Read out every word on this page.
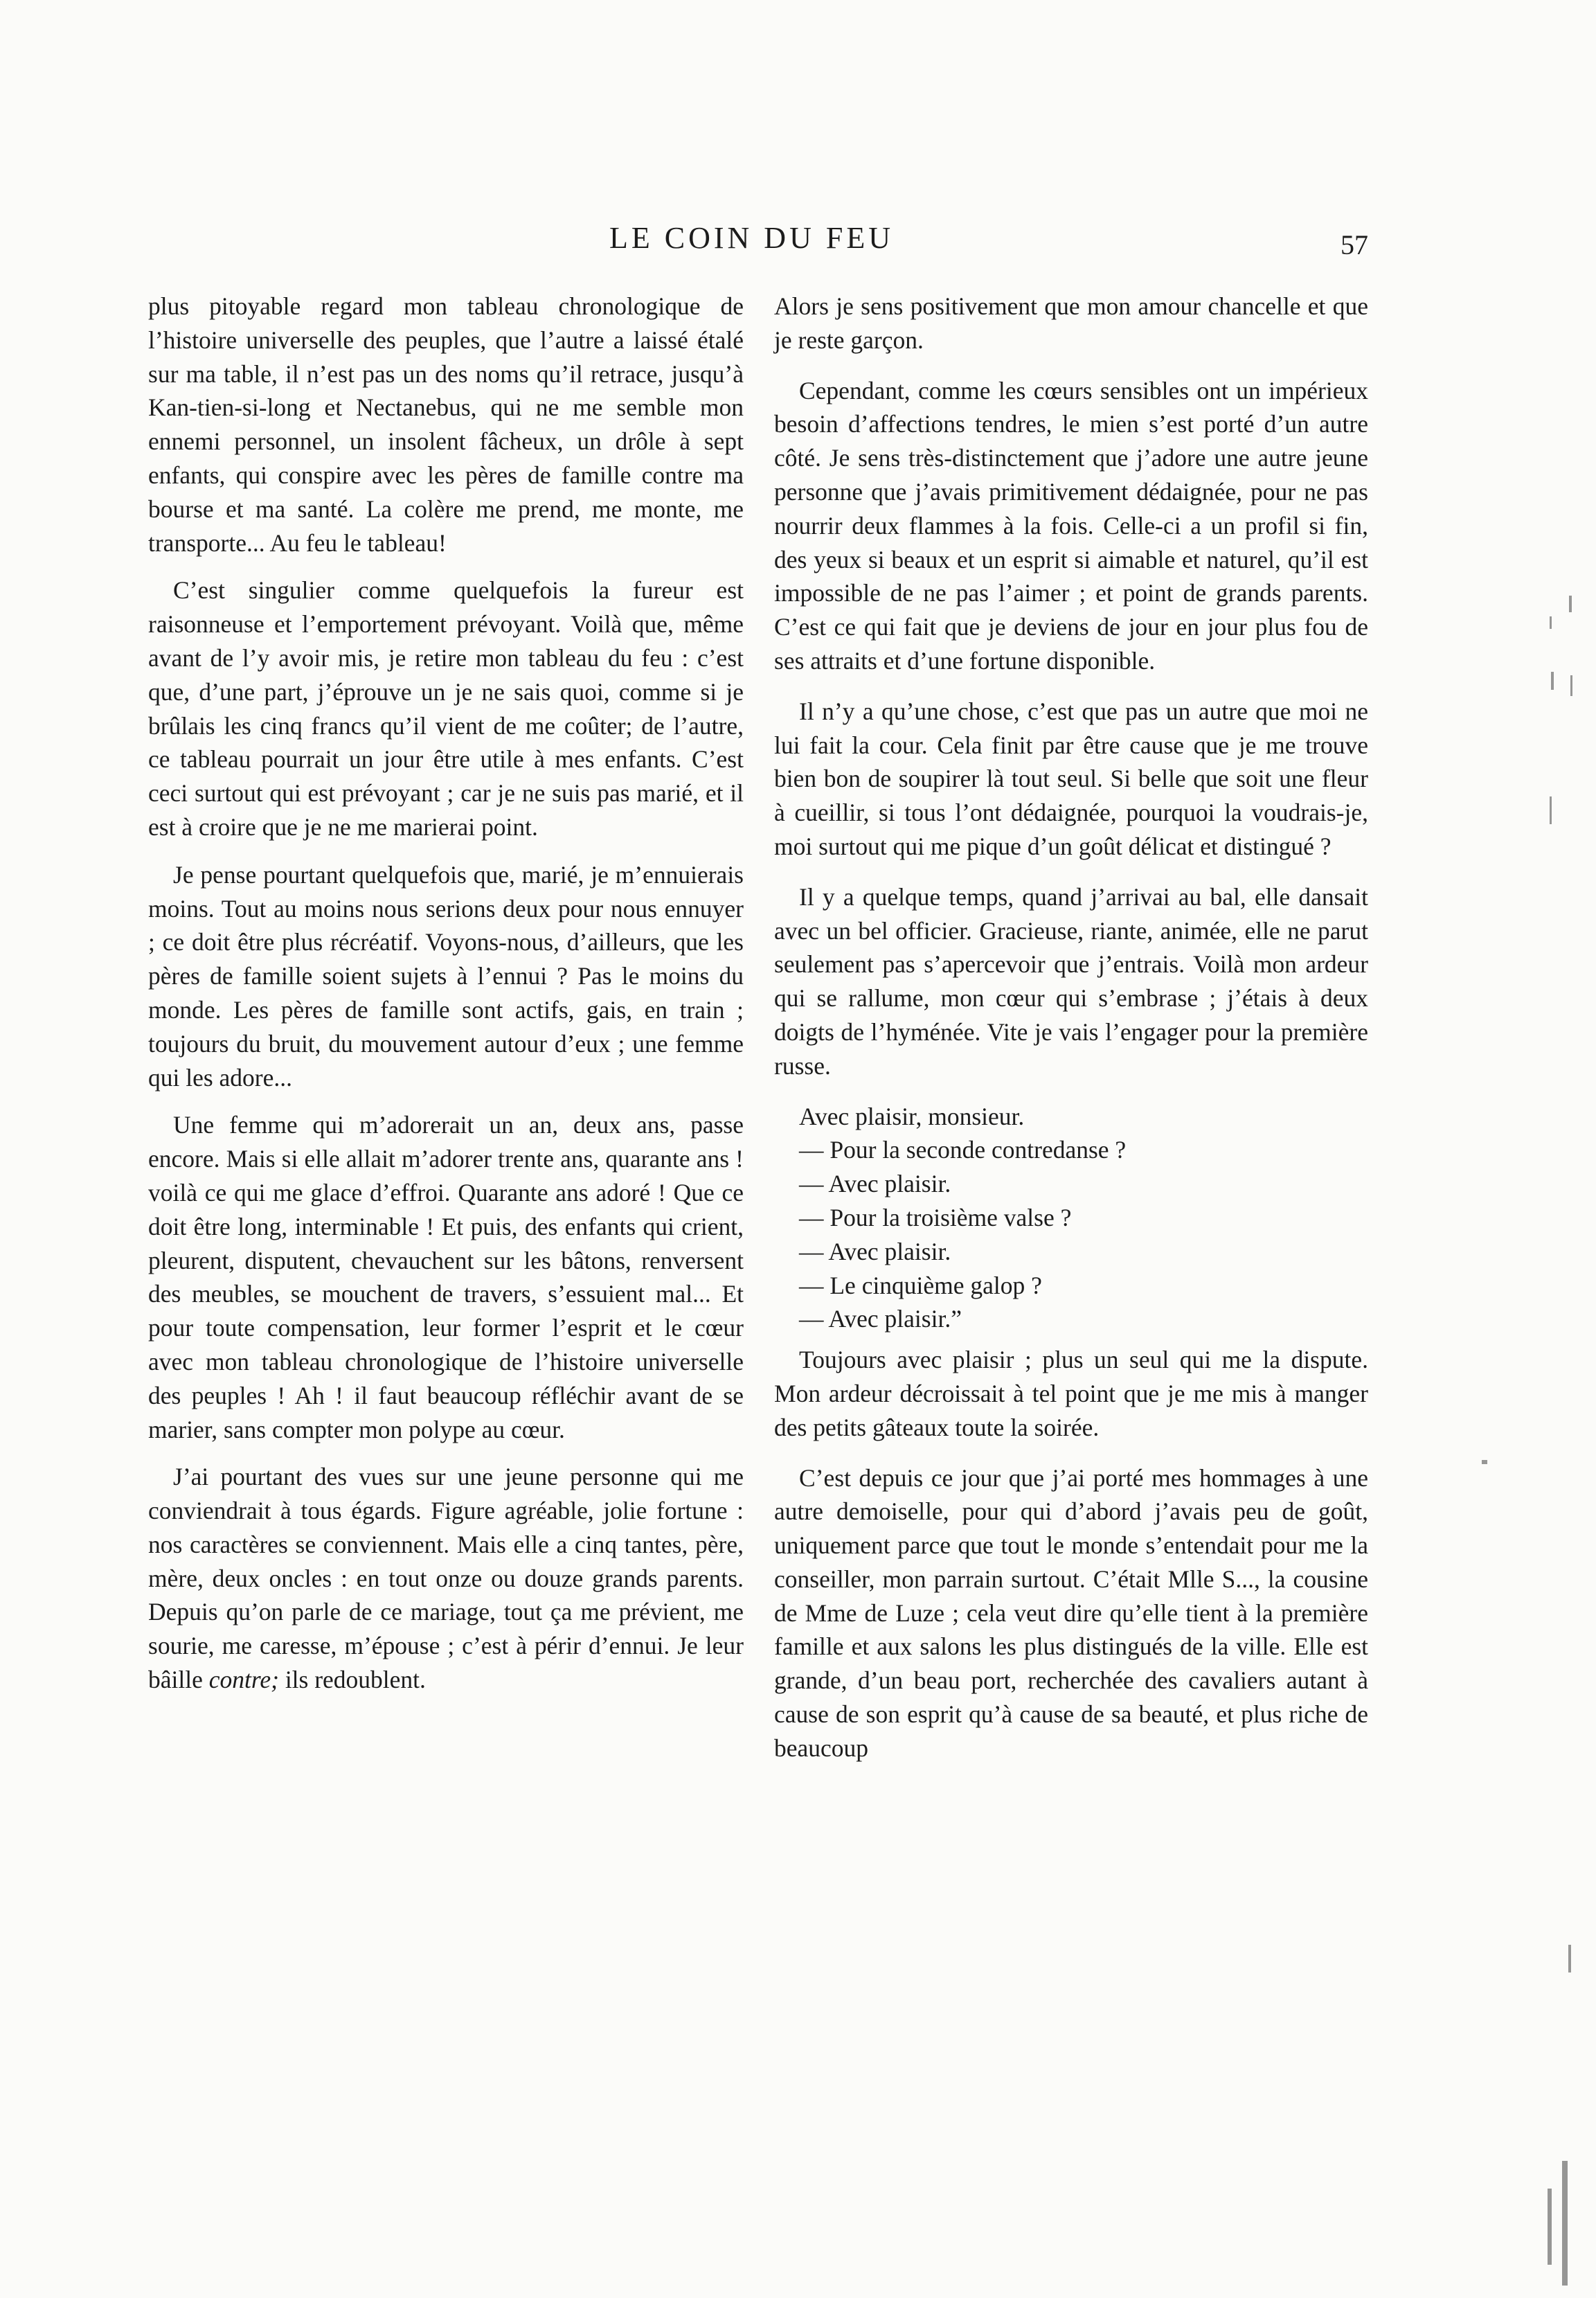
LE COIN DU FEU	57

plus pitoyable regard mon tableau chronologique de l’histoire universelle des peuples, que l’autre a laissé étalé sur ma table, il n’est pas un des noms qu’il retrace, jusqu’à Kan-tien-si-long et Nectanebus, qui ne me semble mon ennemi personnel, un insolent fâcheux, un drôle à sept enfants, qui conspire avec les pères de famille contre ma bourse et ma santé. La colère me prend, me monte, me transporte... Au feu le tableau!

C’est singulier comme quelquefois la fureur est raisonneuse et l’emportement prévoyant. Voilà que, même avant de l’y avoir mis, je retire mon tableau du feu : c’est que, d’une part, j’éprouve un je ne sais quoi, comme si je brûlais les cinq francs qu’il vient de me coûter; de l’autre, ce tableau pourrait un jour être utile à mes enfants. C’est ceci surtout qui est prévoyant ; car je ne suis pas marié, et il est à croire que je ne me marierai point.

Je pense pourtant quelquefois que, marié, je m’ennuierais moins. Tout au moins nous serions deux pour nous ennuyer ; ce doit être plus récréatif. Voyons-nous, d’ailleurs, que les pères de famille soient sujets à l’ennui ? Pas le moins du monde. Les pères de famille sont actifs, gais, en train ; toujours du bruit, du mouvement autour d’eux ; une femme qui les adore...

Une femme qui m’adorerait un an, deux ans, passe encore. Mais si elle allait m’adorer trente ans, quarante ans ! voilà ce qui me glace d’effroi. Quarante ans adoré ! Que ce doit être long, interminable ! Et puis, des enfants qui crient, pleurent, disputent, chevauchent sur les bâtons, renversent des meubles, se mouchent de travers, s’essuient mal... Et pour toute compensation, leur former l’esprit et le cœur avec mon tableau chronologique de l’histoire universelle des peuples ! Ah ! il faut beaucoup réfléchir avant de se marier, sans compter mon polype au cœur.

J’ai pourtant des vues sur une jeune personne qui me conviendrait à tous égards. Figure agréable, jolie fortune : nos caractères se conviennent. Mais elle a cinq tantes, père, mère, deux oncles : en tout onze ou douze grands parents. Depuis qu’on parle de ce mariage, tout ça me prévient, me sourie, me caresse, m’épouse ; c’est à périr d’ennui. Je leur bâille contre; ils redoublent.

Alors je sens positivement que mon amour chancelle et que je reste garçon.

Cependant, comme les cœurs sensibles ont un impérieux besoin d’affections tendres, le mien s’est porté d’un autre côté. Je sens très-distinctement que j’adore une autre jeune personne que j’avais primitivement dédaignée, pour ne pas nourrir deux flammes à la fois. Celle-ci a un profil si fin, des yeux si beaux et un esprit si aimable et naturel, qu’il est impossible de ne pas l’aimer ; et point de grands parents. C’est ce qui fait que je deviens de jour en jour plus fou de ses attraits et d’une fortune disponible.

Il n’y a qu’une chose, c’est que pas un autre que moi ne lui fait la cour. Cela finit par être cause que je me trouve bien bon de soupirer là tout seul. Si belle que soit une fleur à cueillir, si tous l’ont dédaignée, pourquoi la voudrais-je, moi surtout qui me pique d’un goût délicat et distingué ?

Il y a quelque temps, quand j’arrivai au bal, elle dansait avec un bel officier. Gracieuse, riante, animée, elle ne parut seulement pas s’apercevoir que j’entrais. Voilà mon ardeur qui se rallume, mon cœur qui s’embrase ; j’étais à deux doigts de l’hyménée. Vite je vais l’engager pour la première russe.

Avec plaisir, monsieur.

— Pour la seconde contredanse ?

— Avec plaisir.

— Pour la troisième valse ?

— Avec plaisir.

— Le cinquième galop ?

— Avec plaisir.”

Toujours avec plaisir ; plus un seul qui me la dispute. Mon ardeur décroissait à tel point que je me mis à manger des petits gâteaux toute la soirée.

C’est depuis ce jour que j’ai porté mes hommages à une autre demoiselle, pour qui d’abord j’avais peu de goût, uniquement parce que tout le monde s’entendait pour me la conseiller, mon parrain surtout. C’était Mlle S..., la cousine de Mme de Luze ; cela veut dire qu’elle tient à la première famille et aux salons les plus distingués de la ville. Elle est grande, d’un beau port, recherchée des cavaliers autant à cause de son esprit qu’à cause de sa beauté, et plus riche de beaucoup
